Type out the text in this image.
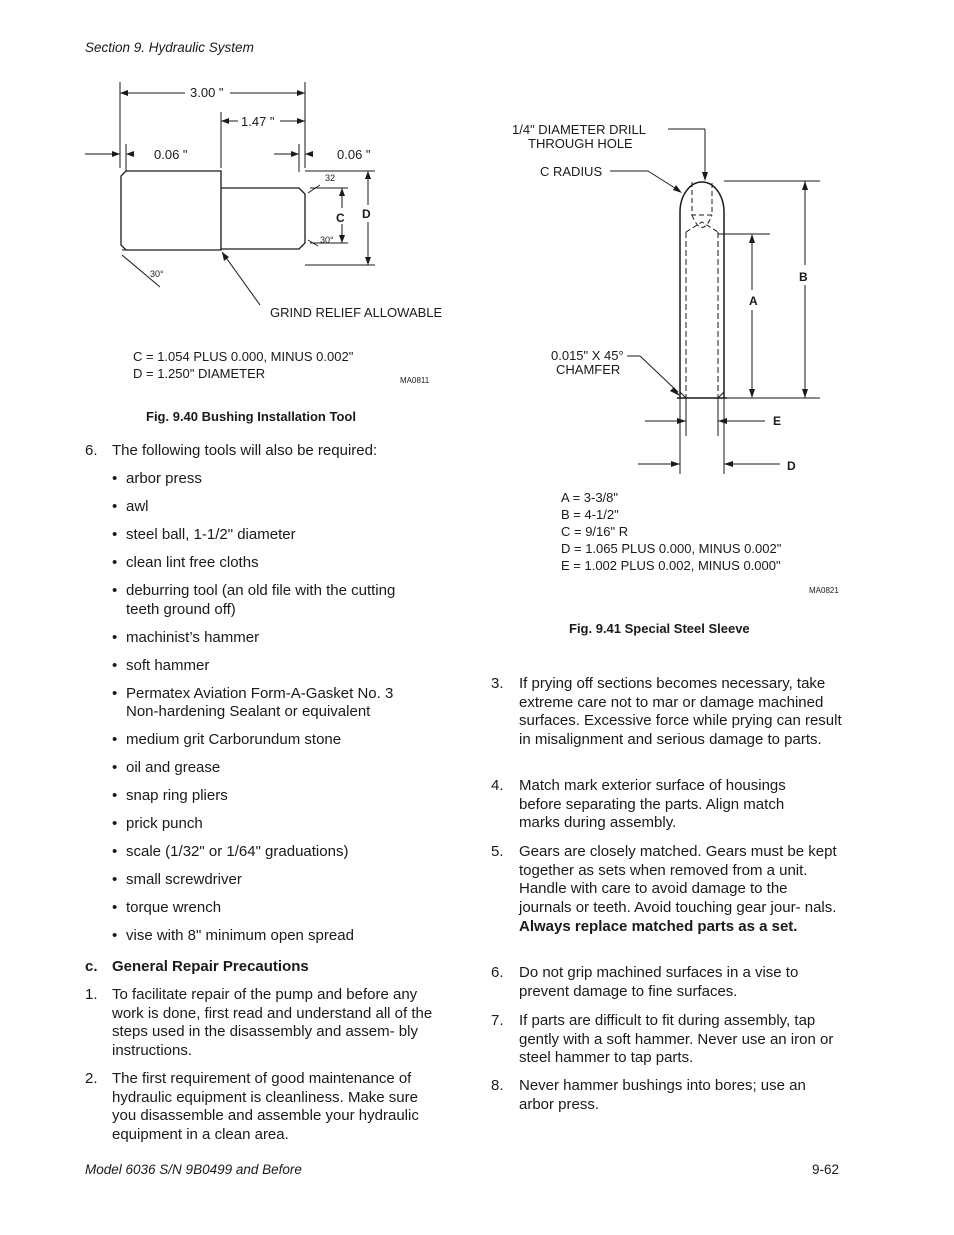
Section 9. Hydraulic System
3.00 "
1.47 "
0.06 "	0.06 "
32
C D
30°
30°
GRIND RELIEF ALLOWABLE
C = 1.054 PLUS 0.000, MINUS 0.002"
D = 1.250" DIAMETER	MA0811
Fig. 9.40 Bushing Installation Tool
1/4" DIAMETER DRILL
THROUGH HOLE
C RADIUS
0.015" X 45°
CHAMFER
B
A
E
D
A = 3-3/8"
B = 4-1/2"
C = 9/16" R
D = 1.065 PLUS 0.000, MINUS 0.002"
E = 1.002 PLUS 0.002, MINUS 0.000"
MA0821
Fig. 9.41 Special Steel Sleeve
6. The following tools will also be required:
• arbor press
• awl
• steel ball, 1-1/2" diameter
• clean lint free cloths
• deburring tool (an old file with the cutting teeth ground off)
• machinist’s hammer
• soft hammer
• Permatex Aviation Form-A-Gasket No. 3 Non-hardening Sealant or equivalent
• medium grit Carborundum stone
• oil and grease
• snap ring pliers
• prick punch
• scale (1/32" or 1/64" graduations)
• small screwdriver
• torque wrench
• vise with 8" minimum open spread
c. General Repair Precautions
1. To facilitate repair of the pump and before any work is done, first read and understand all of the steps used in the disassembly and assem- bly instructions.
2. The first requirement of good maintenance of hydraulic equipment is cleanliness. Make sure you disassemble and assemble your hydraulic equipment in a clean area.
3. If prying off sections becomes necessary, take extreme care not to mar or damage machined surfaces. Excessive force while prying can result in misalignment and serious damage to parts.
4. Match mark exterior surface of housings before separating the parts. Align match marks during assembly.
5. Gears are closely matched. Gears must be kept together as sets when removed from a unit. Handle with care to avoid damage to the journals or teeth. Avoid touching gear jour- nals. Always replace matched parts as a set.
6. Do not grip machined surfaces in a vise to prevent damage to fine surfaces.
7. If parts are difficult to fit during assembly, tap gently with a soft hammer. Never use an iron or steel hammer to tap parts.
8. Never hammer bushings into bores; use an arbor press.
Model 6036 S/N 9B0499 and Before	9-62
